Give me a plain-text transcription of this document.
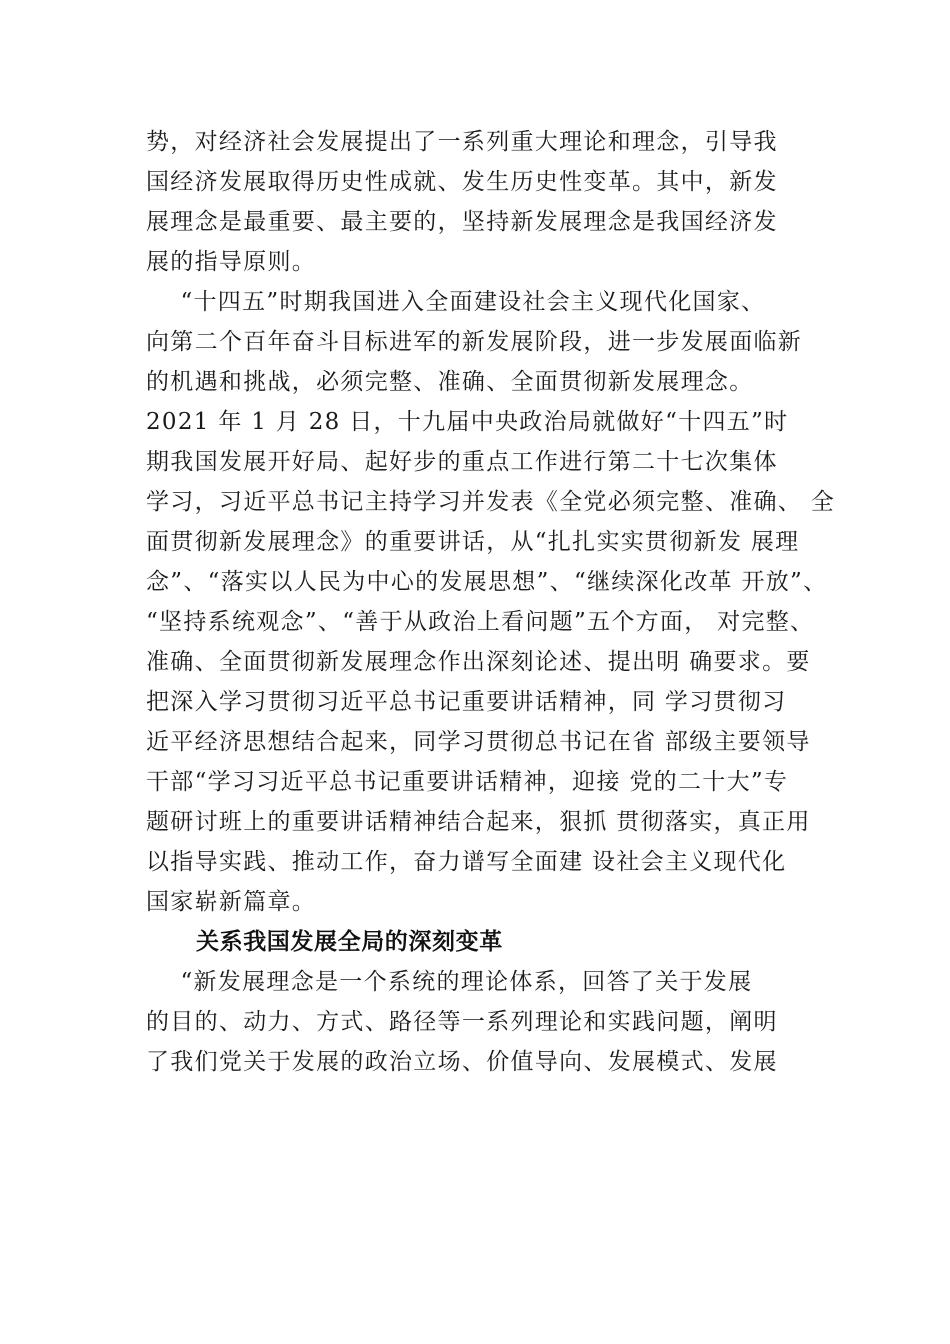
势，对经济社会发展提出了一系列重大理论和理念，引导我

国经济发展取得历史性成就、发生历史性变革。其中，新发

展理念是最重要、最主要的，坚持新发展理念是我国经济发

展的指导原则。

“十四五”时期我国进入全面建设社会主义现代化国家、

向第二个百年奋斗目标进军的新发展阶段，进一步发展面临新

的机遇和挑战，必须完整、准确、全面贯彻新发展理念。

2021 年 1 月 28 日，十九届中央政治局就做好“十四五”时

期我国发展开好局、起好步的重点工作进行第二十七次集体

学习，习近平总书记主持学习并发表《全党必须完整、准确、 全

面贯彻新发展理念》的重要讲话，从“扎扎实实贯彻新发 展理

念”、“落实以人民为中心的发展思想”、“继续深化改革 开放”、

“坚持系统观念”、“善于从政治上看问题”五个方面， 对完整、

准确、全面贯彻新发展理念作出深刻论述、提出明 确要求。要

把深入学习贯彻习近平总书记重要讲话精神，同 学习贯彻习

近平经济思想结合起来，同学习贯彻总书记在省 部级主要领导

干部“学习习近平总书记重要讲话精神，迎接 党的二十大”专

题研讨班上的重要讲话精神结合起来，狠抓 贯彻落实，真正用

以指导实践、推动工作，奋力谱写全面建 设社会主义现代化

国家崭新篇章。

关系我国发展全局的深刻变革

“新发展理念是一个系统的理论体系，回答了关于发展

的目的、动力、方式、路径等一系列理论和实践问题，阐明

了我们党关于发展的政治立场、价值导向、发展模式、发展
